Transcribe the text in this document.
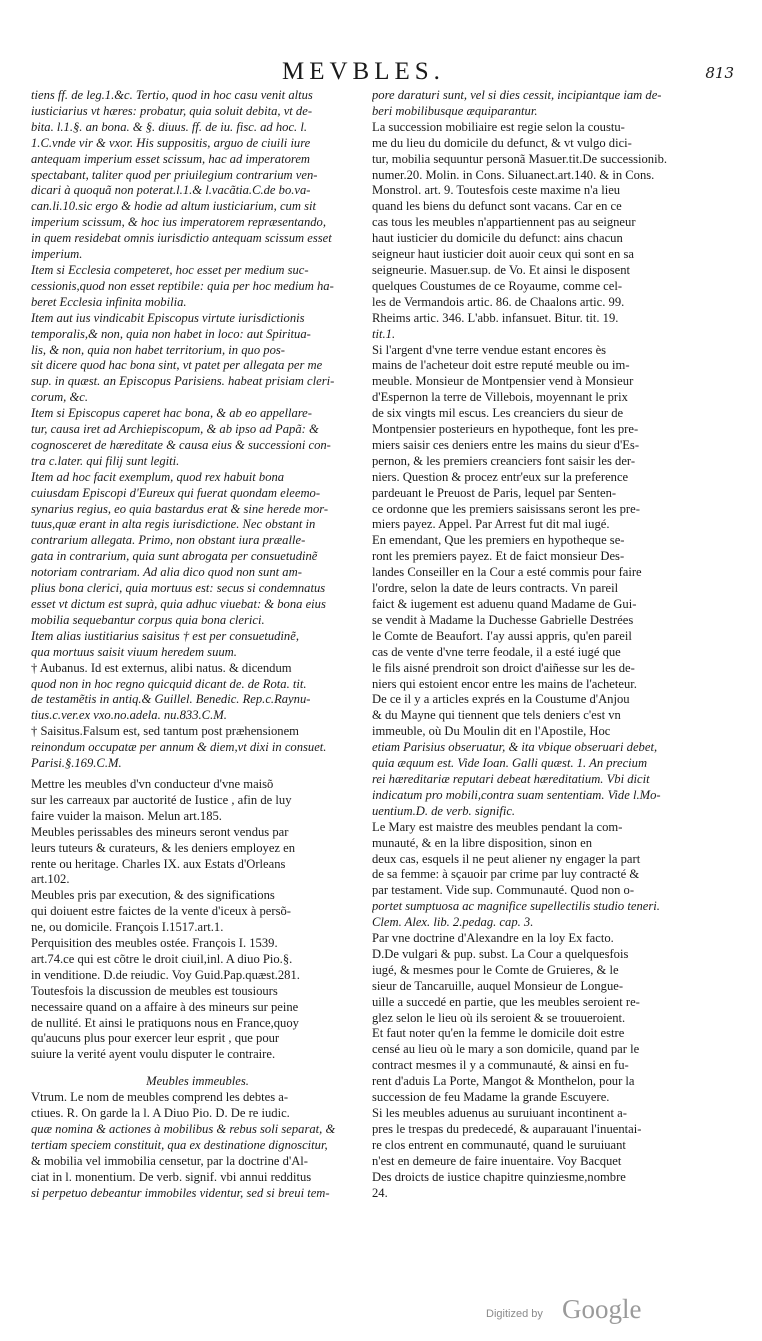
MEVBLES.	813
tiens ff. de leg.1.&c. Tertio, quod in hoc casu venit altus
iusticiarius vt hæres: probatur, quia soluit debita, vt de-
bita. l.1.§. an bona. & §. diuus. ff. de iu. fisc. ad hoc. l.
1.C.vnde vir & vxor. His suppositis, arguo de ciuili iure
antequam imperium esset scissum, hac ad imperatorem
spectabant, taliter quod per priuilegium contrarium ven-
dicari à quoquã non poterat.l.1.& l.vacãtia.C.de bo.va-
can.li.10.sic ergo & hodie ad altum iusticiarium, cum sit
imperium scissum, & hoc ius imperatorem repræsentando,
in quem residebat omnis iurisdictio antequam scissum esset
imperium.
Item si Ecclesia competeret, hoc esset per medium suc-
cessionis,quod non esset reptibile: quia per hoc medium ha-
beret Ecclesia infinita mobilia.
Item aut ius vindicabit Episcopus virtute iurisdictionis
temporalis,& non, quia non habet in loco: aut Spiritua-
lis, & non, quia non habet territorium, in quo pos-
sit dicere quod hac bona sint, vt patet per allegata per me
sup. in quæst. an Episcopus Parisiens. habeat prisiam cleri-
corum, &c.
Item si Episcopus caperet hac bona, & ab eo appellare-
tur, causa iret ad Archiepiscopum, & ab ipso ad Papã: &
cognosceret de hæreditate & causa eius & successioni con-
tra c.later. qui filij sunt legiti.
Item ad hoc facit exemplum, quod rex habuit bona
cuiusdam Episcopi d'Eureux qui fuerat quondam eleemo-
synarius regius, eo quia bastardus erat & sine herede mor-
tuus,quæ erant in alta regis iurisdictione. Nec obstant in
contrarium allegata. Primo, non obstant iura præalle-
gata in contrarium, quia sunt abrogata per consuetudinẽ
notoriam contrariam. Ad alia dico quod non sunt am-
plius bona clerici, quia mortuus est: secus si condemnatus
esset vt dictum est suprà, quia adhuc viuebat: & bona eius
mobilia sequebantur corpus quia bona clerici.
Item alias iustitiarius saisitus † est per consuetudinẽ,
qua mortuus saisit viuum heredem suum.
† Aubanus. Id est externus, alibi natus. & dicendum
quod non in hoc regno quicquid dicant de. de Rota. tit.
de testamẽtis in antiq.& Guillel. Benedic. Rep.c.Raynu-
tius.c.ver.ex vxo.no.adela. nu.833.C.M.
† Saisitus.Falsum est, sed tantum post præhensionem
reinondum occupatæ per annum & diem,vt dixi in consuet.
Parisi.§.169.C.M.
Mettre les meubles d'vn conducteur d'vne maisõ
sur les carreaux par auctorité de Iustice , afin de luy
faire vuider la maison. Melun art.185.
Meubles perissables des mineurs seront vendus par
leurs tuteurs & curateurs, & les deniers employez en
rente ou heritage. Charles IX. aux Estats d'Orleans
art.102.
Meubles pris par execution, & des significations
qui doiuent estre faictes de la vente d'iceux à persõ-
ne, ou domicile. François I.1517.art.1.
Perquisition des meubles ostée. François I. 1539.
art.74.ce qui est cõtre le droit ciuil,inl. A diuo Pio.§.
in venditione. D.de reiudic. Voy Guid.Pap.quæst.281.
Toutesfois la discussion de meubles est tousiours
necessaire quand on a affaire à des mineurs sur peine
de nullité. Et ainsi le pratiquons nous en France,quoy
qu'aucuns plus pour exercer leur esprit , que pour
suiure la verité ayent voulu disputer le contraire.
Meubles immeubles.
Vtrum. Le nom de meubles comprend les debtes a-
ctiues. R. On garde la l. A Diuo Pio. D. De re iudic.
quæ nomina & actiones à mobilibus & rebus soli separat, &
tertiam speciem constituit, qua ex destinatione dignoscitur,
& mobilia vel immobilia censetur, par la doctrine d'Al-
ciat in l. monentium. De verb. signif. vbi annui redditus
si perpetuo debeantur immobiles videntur, sed si breui tem-
pore daraturi sunt, vel si dies cessit, incipiantque iam de-
beri mobilibusque æquiparantur.
La succession mobiliaire est regie selon la coustu-
me du lieu du domicile du defunct, & vt vulgo dici-
tur, mobilia sequuntur personã Masuer.tit.De successionib.
numer.20. Molin. in Cons. Siluanect.art.140. & in Cons.
Monstrol. art. 9. Toutesfois ceste maxime n'a lieu
quand les biens du defunct sont vacans. Car en ce
cas tous les meubles n'appartiennent pas au seigneur
haut iusticier du domicile du defunct: ains chacun
seigneur haut iusticier doit auoir ceux qui sont en sa
seigneurie. Masuer.sup. de Vo. Et ainsi le disposent
quelques Coustumes de ce Royaume, comme cel-
les de Vermandois artic. 86. de Chaalons artic. 99.
Rheims artic. 346. L'abb. infansuet. Bitur. tit. 19.
tit.1.
Si l'argent d'vne terre vendue estant encores ès
mains de l'acheteur doit estre reputé meuble ou im-
meuble. Monsieur de Montpensier vend à Monsieur
d'Espernon la terre de Villebois, moyennant le prix
de six vingts mil escus. Les creanciers du sieur de
Montpensier posterieurs en hypotheque, font les pre-
miers saisir ces deniers entre les mains du sieur d'Es-
pernon, & les premiers creanciers font saisir les der-
niers. Question & procez entr'eux sur la preference
pardeuant le Preuost de Paris, lequel par Senten-
ce ordonne que les premiers saisissans seront les pre-
miers payez. Appel. Par Arrest fut dit mal iugé.
En emendant, Que les premiers en hypotheque se-
ront les premiers payez. Et de faict monsieur Des-
landes Conseiller en la Cour a esté commis pour faire
l'ordre, selon la date de leurs contracts. Vn pareil
faict & iugement est aduenu quand Madame de Gui-
se vendit à Madame la Duchesse Gabrielle Destrées
le Comte de Beaufort. I'ay aussi appris, qu'en pareil
cas de vente d'vne terre feodale, il a esté iugé que
le fils aisné prendroit son droict d'aiñesse sur les de-
niers qui estoient encor entre les mains de l'acheteur.
De ce il y a articles exprés en la Coustume d'Anjou
& du Mayne qui tiennent que tels deniers c'est vn
immeuble, où Du Moulin dit en l'Apostile, Hoc
etiam Parisius obseruatur, & ita vbique obseruari debet,
quia æquum est. Vide Ioan. Galli quæst. 1. An precium
rei hæreditariæ reputari debeat hæreditatium. Vbi dicit
indicatum pro mobili,contra suam sententiam. Vide l.Mo-
uentium.D. de verb. signific.
Le Mary est maistre des meubles pendant la com-
munauté, & en la libre disposition, sinon en
deux cas, esquels il ne peut aliener ny engager la part
de sa femme: à sçauoir par crime par luy contracté &
par testament. Vide sup. Communauté. Quod non o-
portet sumptuosa ac magnifice supellectilis studio teneri.
Clem. Alex. lib. 2.pedag. cap. 3.
Par vne doctrine d'Alexandre en la loy Ex facto.
D.De vulgari & pup. subst. La Cour a quelquesfois
iugé, & mesmes pour le Comte de Gruieres, & le
sieur de Tancaruille, auquel Monsieur de Longue-
uille a succedé en partie, que les meubles seroient re-
glez selon le lieu où ils seroient & se trouueroient.
Et faut noter qu'en la femme le domicile doit estre
censé au lieu où le mary a son domicile, quand par le
contract mesmes il y a communauté, & ainsi en fu-
rent d'aduis La Porte, Mangot & Monthelon, pour la
succession de feu Madame la grande Escuyere.
Si les meubles aduenus au suruiuant incontinent a-
pres le trespas du predecedé, & auparauant l'inuentai-
re clos entrent en communauté, quand le suruiuant
n'est en demeure de faire inuentaire. Voy Bacquet
Des droicts de iustice chapitre quinziesme,nombre
24.
Digitized by Google
